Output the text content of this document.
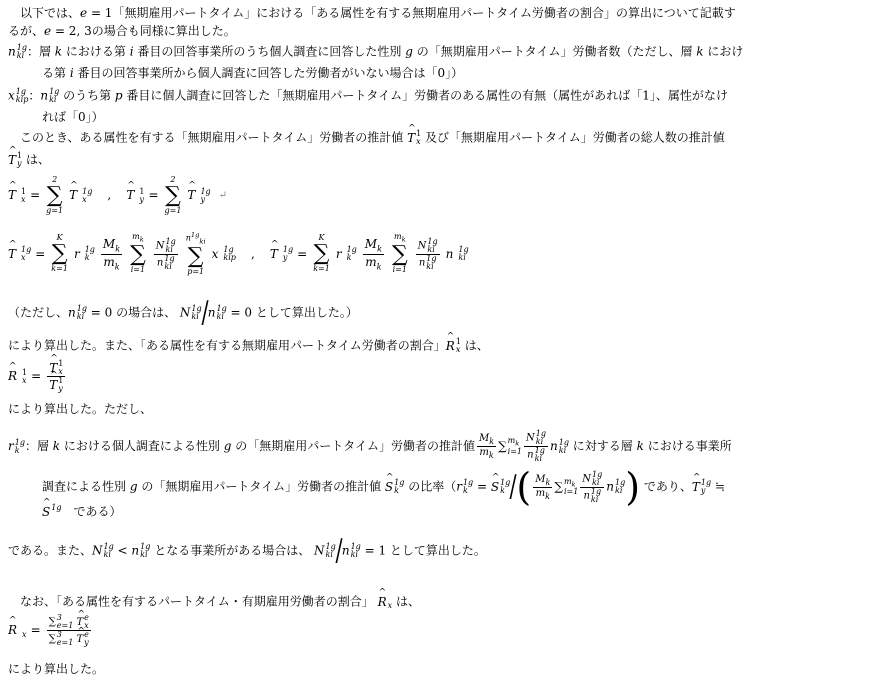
　以下では、e = 1「無期雇用パートタイム」における「ある属性を有する無期雇用パートタイム労働者の割合」の算出について記載す
るが、e = 2, 3の場合も同様に算出した。
n 1g
ki ：層 k における第 i 番目の回答事業所のうち個人調査に回答した性別 g の「無期雇用パートタイム」労働者数（ただし、層 k におけ
る第 i 番目の回答事業所から個人調査に回答した労働者がいない場合は「0」）
x 1g
kip ：n 1g
ki のうち第 p 番目に個人調査に回答した「無期雇用パートタイム」労働者のある属性の有無（属性があれば「1」、属性がなけ
れば「0」）
　このとき、ある属性を有する「無期雇用パートタイム」労働者の推計値 ^ T 1
x 及び「無期雇用パートタイム」労働者の総人数の推計値
^ T 1
y は、
^ T 1
x =
2
∑
g=1
^ T 1g
x	,	^ T 1
y =
2
∑
g=1
^ T 1g
y	↵
^ T 1g
x =
K
∑
k=1
r 1g
k $\frac{M_k}{m_k}$
$m_k$
∑
i=1 N 1g
ki
n 1g
ki $n^{1g}_{ki}$
∑
p=1
x 1g
kip	,	^ T 1g
y =
K
∑
k=1
r 1g
k $\frac{M_k}{m_k}$
$m_k$
∑
i=1 N 1g
ki
n 1g
ki n 1g
ki
（ただし、n 1g
ki = 0 の場合は、 N 1g
ki /n 1g
ki = 0 として算出した。）
により算出した。また、「ある属性を有する無期雇用パートタイム労働者の割合」^ R 1
x は、
^ R 1
x = ^ T 1
x
^ T 1
y
により算出した。ただし、
r 1g
k ：層 k における個人調査による性別 g の「無期雇用パートタイム」労働者の推計値 $\frac{M_k}{m_k}$ ∑ $m_k$
i=1 N 1g
ki
n 1g
ki n 1g
ki に対する層 k における事業所
調査による性別 g の「無期雇用パートタイム」労働者の推計値 ^ S 1g
k の比率（r 1g
k = ^ S 1g
k /( $\frac{M_k}{m_k}$ ∑ $m_k$
i=1 N 1g
ki
n 1g
ki n 1g
ki ) であり、^ T 1g
y ≒
^ S 1g
　である）
である。また、N 1g
ki < n 1g
ki となる事業所がある場合は、 N 1g
ki /n 1g
ki = 1 として算出した。
　なお、「ある属性を有するパートタイム・有期雇用労働者の割合」 ^ R
x は、
^ R
x = ∑ 3
e=1 ^ T e
x
∑ 3
e=1 ^ T e
y
により算出した。
